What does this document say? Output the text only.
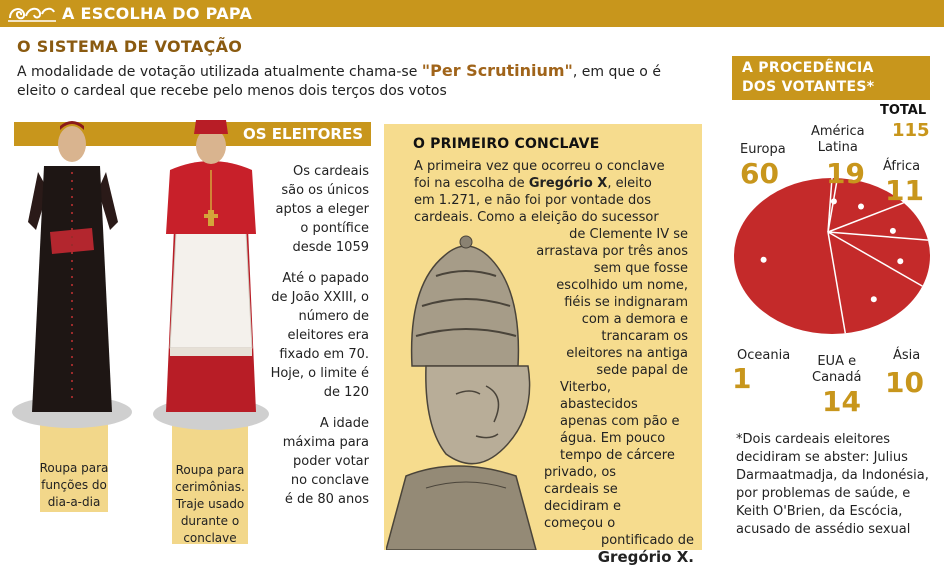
A ESCOLHA DO PAPA
O SISTEMA DE VOTAÇÃO
A modalidade de votação utilizada atualmente chama-se "Per Scrutinium", em que o é eleito o cardeal que recebe pelo menos dois terços dos votos
OS ELEITORES
Roupa para funções do dia-a-dia
Roupa para cerimônias. Traje usado durante o conclave
Os cardeais são os únicos aptos a eleger o pontífice desde 1059
Até o papado de João XXIII, o número de eleitores era fixado em 70. Hoje, o limite é de 120
A idade máxima para poder votar no conclave é de 80 anos
O PRIMEIRO CONCLAVE
A primeira vez que ocorreu o conclave
foi na escolha de Gregório X, eleito
em 1.271, e não foi por vontade dos
cardeais. Como a eleição do sucessor
de Clemente IV se
arrastava por três anos
sem que fosse
escolhido um nome,
fiéis se indignaram
com a demora e
trancaram os
eleitores na antiga
sede papal de
Viterbo,
abastecidos
apenas com pão e
água. Em pouco
tempo de cárcere
privado, os
cardeais se
decidiram e
começou o
pontificado de
Gregório X.
A PROCEDÊNCIA
DOS VOTANTES*
TOTAL
115
Europa
60
América
Latina
19 África
11
Oceania
1
EUA e
Canadá
14
Ásia
10
*Dois cardeais eleitores decidiram se abster: Julius Darmaatmadja, da Indonésia, por problemas de saúde, e Keith O'Brien, da Escócia, acusado de assédio sexual
